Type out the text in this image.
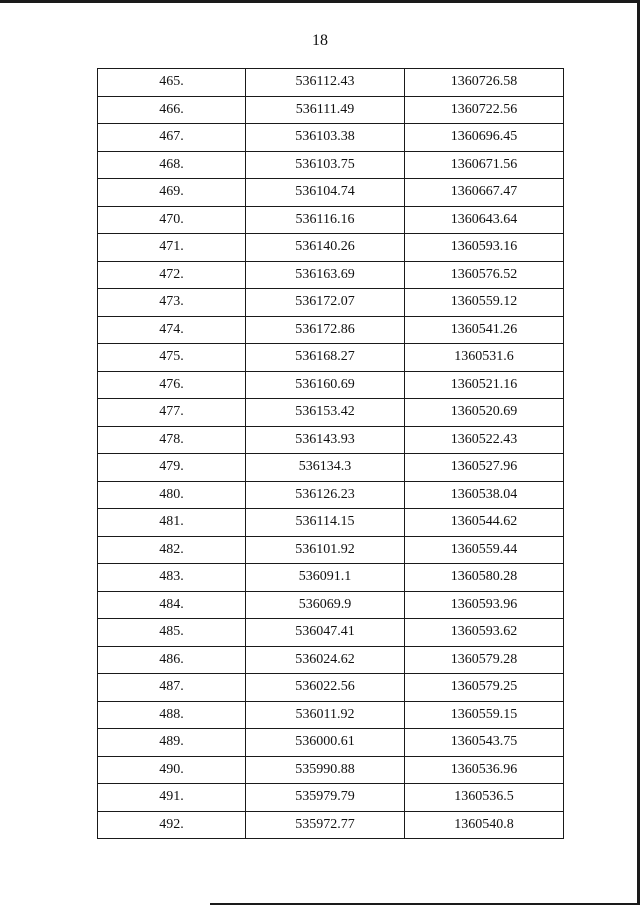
18
465.	536112.43	1360726.58
466.	536111.49	1360722.56
467.	536103.38	1360696.45
468.	536103.75	1360671.56
469.	536104.74	1360667.47
470.	536116.16	1360643.64
471.	536140.26	1360593.16
472.	536163.69	1360576.52
473.	536172.07	1360559.12
474.	536172.86	1360541.26
475.	536168.27	1360531.6
476.	536160.69	1360521.16
477.	536153.42	1360520.69
478.	536143.93	1360522.43
479.	536134.3	1360527.96
480.	536126.23	1360538.04
481.	536114.15	1360544.62
482.	536101.92	1360559.44
483.	536091.1	1360580.28
484.	536069.9	1360593.96
485.	536047.41	1360593.62
486.	536024.62	1360579.28
487.	536022.56	1360579.25
488.	536011.92	1360559.15
489.	536000.61	1360543.75
490.	535990.88	1360536.96
491.	535979.79	1360536.5
492.	535972.77	1360540.8
